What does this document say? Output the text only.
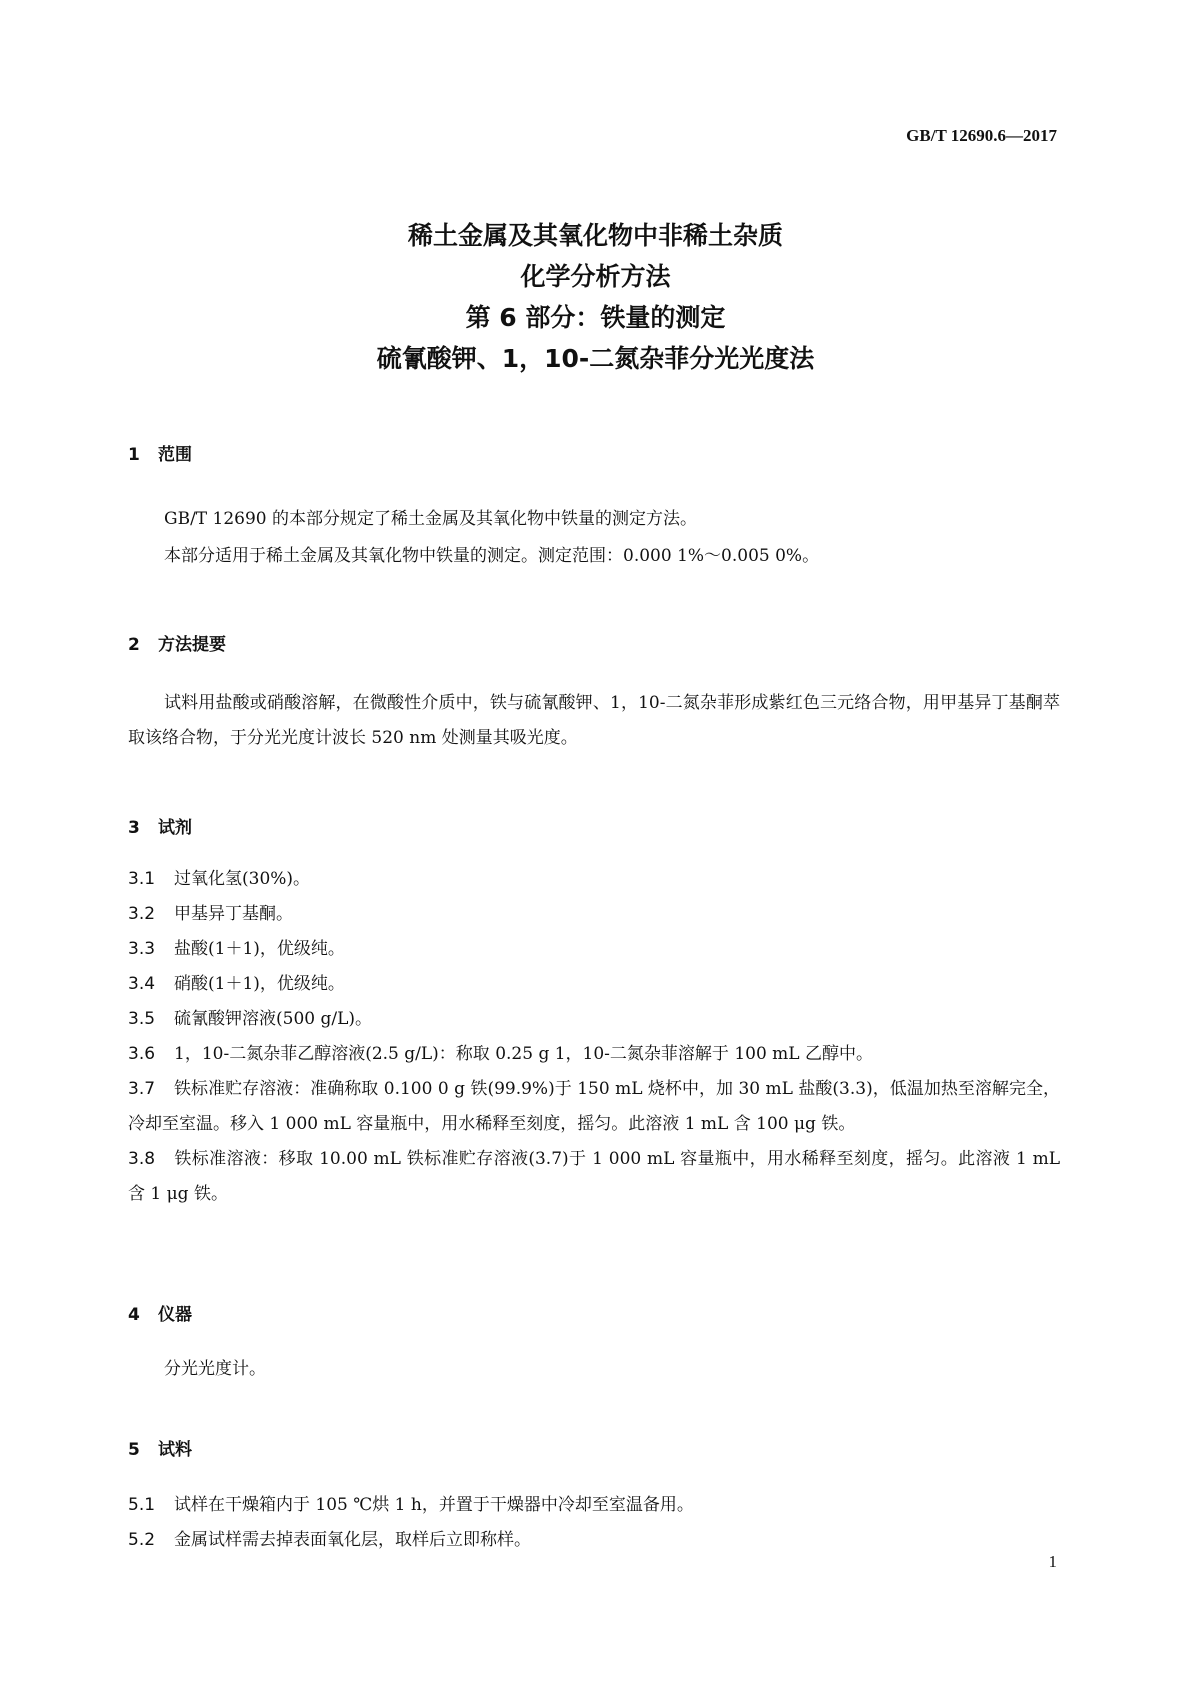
GB/T 12690.6—2017
稀土金属及其氧化物中非稀土杂质
化学分析方法
第 6 部分：铁量的测定
硫氰酸钾、1，10-二氮杂菲分光光度法
1 范围
GB/T 12690 的本部分规定了稀土金属及其氧化物中铁量的测定方法。
本部分适用于稀土金属及其氧化物中铁量的测定。测定范围：0.000 1%～0.005 0%。
2 方法提要
试料用盐酸或硝酸溶解，在微酸性介质中，铁与硫氰酸钾、1，10-二氮杂菲形成紫红色三元络合物，用甲基异丁基酮萃取该络合物，于分光光度计波长 520 nm 处测量其吸光度。
3 试剂
3.1 过氧化氢(30%)。
3.2 甲基异丁基酮。
3.3 盐酸(1＋1)，优级纯。
3.4 硝酸(1＋1)，优级纯。
3.5 硫氰酸钾溶液(500 g/L)。
3.6 1，10-二氮杂菲乙醇溶液(2.5 g/L)：称取 0.25 g 1，10-二氮杂菲溶解于 100 mL 乙醇中。
3.7 铁标准贮存溶液：准确称取 0.100 0 g 铁(99.9%)于 150 mL 烧杯中，加 30 mL 盐酸(3.3)，低温加热至溶解完全，冷却至室温。移入 1 000 mL 容量瓶中，用水稀释至刻度，摇匀。此溶液 1 mL 含 100 μg 铁。
3.8 铁标准溶液：移取 10.00 mL 铁标准贮存溶液(3.7)于 1 000 mL 容量瓶中，用水稀释至刻度，摇匀。此溶液 1 mL 含 1 μg 铁。
4 仪器
分光光度计。
5 试料
5.1 试样在干燥箱内于 105 ℃烘 1 h，并置于干燥器中冷却至室温备用。
5.2 金属试样需去掉表面氧化层，取样后立即称样。
1
